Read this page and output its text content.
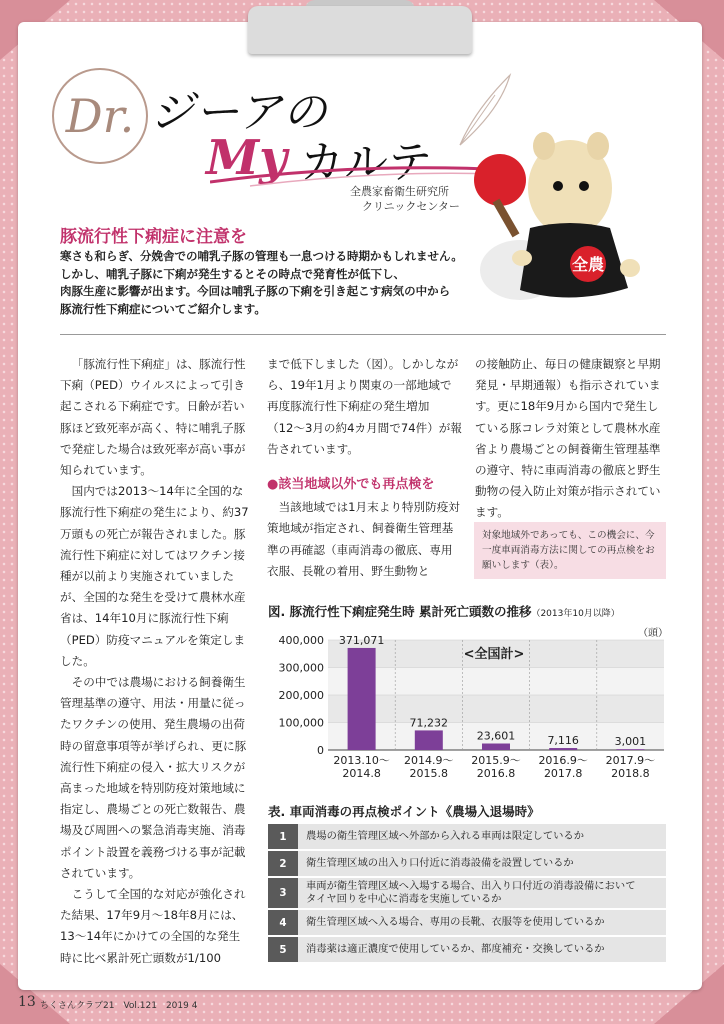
Dr. ジーアの
My カルテ
全農家畜衛生研究所
クリニックセンター
全農
豚流行性下痢症に注意を
寒さも和らぎ、分娩舎での哺乳子豚の管理も一息つける時期かもしれません。
しかし、哺乳子豚に下痢が発生するとその時点で発育性が低下し、
肉豚生産に影響が出ます。今回は哺乳子豚の下痢を引き起こす病気の中から
豚流行性下痢症についてご紹介します。

「豚流行性下痢症」は、豚流行性下痢（PED）ウイルスによって引き起こされる下痢症です。日齢が若い豚ほど致死率が高く、特に哺乳子豚で発症した場合は致死率が高い事が知られています。

国内では2013〜14年に全国的な豚流行性下痢症の発生により、約37万頭もの死亡が報告されました。豚流行性下痢症に対してはワクチン接種が以前より実施されていましたが、全国的な発生を受けて農林水産省は、14年10月に豚流行性下痢（PED）防疫マニュアルを策定しました。

その中では農場における飼養衛生管理基準の遵守、用法・用量に従ったワクチンの使用、発生農場の出荷時の留意事項等が挙げられ、更に豚流行性下痢症の侵入・拡大リスクが高まった地域を特別防疫対策地域に指定し、農場ごとの死亡数報告、農場及び周囲への緊急消毒実施、消毒ポイント設置を義務づける事が記載されています。

こうして全国的な対応が強化された結果、17年9月〜18年8月には、13〜14年にかけての全国的な発生時に比べ累計死亡頭数が1/100

まで低下しました（図）。しかしながら、19年1月より関東の一部地域で再度豚流行性下痢症の発生増加（12〜3月の約4カ月間で74件）が報告されています。

●該当地域以外でも再点検を

当該地域では1月末より特別防疫対策地域が指定され、飼養衛生管理基準の再確認（車両消毒の徹底、専用衣服、長靴の着用、野生動物と

の接触防止、毎日の健康観察と早期発見・早期通報）も指示されています。更に18年9月から国内で発生している豚コレラ対策として農林水産省より農場ごとの飼養衛生管理基準の遵守、特に車両消毒の徹底と野生動物の侵入防止対策が指示されています。

対象地域外であっても、この機会に、今一度車両消毒方法に関しての再点検をお願いします（表）。
図. 豚流行性下痢症発生時 累計死亡頭数の推移（2013年10月以降）
（頭）
0
100,000
200,000
300,000
400,000 371,071
2013.10〜
2014.8
71,232
2014.9〜
2015.8
23,601
2015.9〜
2016.8
7,116
2016.9〜
2017.8
3,001
2017.9〜
2018.8
<全国計>
表. 車両消毒の再点検ポイント《農場入退場時》
1	農場の衛生管理区域へ外部から入れる車両は限定しているか

2	衛生管理区域の出入り口付近に消毒設備を設置しているか

3	車両が衛生管理区域へ入場する場合、出入り口付近の消毒設備において
タイヤ回りを中心に消毒を実施しているか

4	衛生管理区域へ入る場合、専用の長靴、衣服等を使用しているか

5	消毒薬は適正濃度で使用しているか、都度補充・交換しているか
13 ちくさんクラブ21　Vol.121　2019 4
